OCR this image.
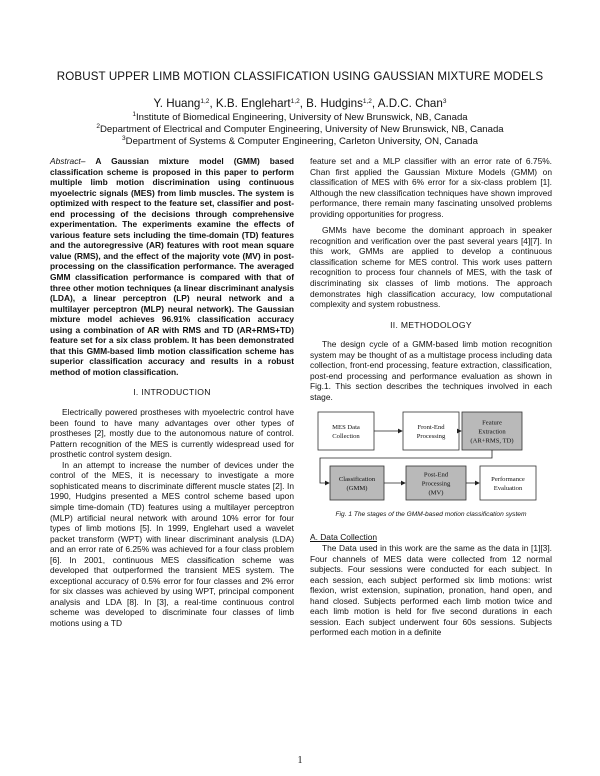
ROBUST UPPER LIMB MOTION CLASSIFICATION USING GAUSSIAN MIXTURE MODELS
Y. Huang$^{1,2}$, K.B. Englehart$^{1,2}$, B. Hudgins$^{1,2}$, A.D.C. Chan$^3$
$^1$Institute of Biomedical Engineering, University of New Brunswick, NB, Canada
$^2$Department of Electrical and Computer Engineering, University of New Brunswick, NB, Canada
$^3$Department of Systems & Computer Engineering, Carleton University, ON, Canada

Abstract– A Gaussian mixture model (GMM) based classification scheme is proposed in this paper to perform multiple limb motion discrimination using continuous myoelectric signals (MES) from limb muscles. The system is optimized with respect to the feature set, classifier and post-end processing of the decisions through comprehensive experimentation. The experiments examine the effects of various feature sets including the time-domain (TD) features and the autoregressive (AR) features with root mean square value (RMS), and the effect of the majority vote (MV) in post-processing on the classification performance. The averaged GMM classification performance is compared with that of three other motion techniques (a linear discriminant analysis (LDA), a linear perceptron (LP) neural network and a multilayer perceptron (MLP) neural network). The Gaussian mixture model achieves 96.91% classification accuracy using a combination of AR with RMS and TD (AR+RMS+TD) feature set for a six class problem. It has been demonstrated that this GMM-based limb motion classification scheme has superior classification accuracy and results in a robust method of motion classification.

I. INTRODUCTION

Electrically powered prostheses with myoelectric control have been found to have many advantages over other types of prostheses [2], mostly due to the autonomous nature of control. Pattern recognition of the MES is currently widespread used for prosthetic control system design.

In an attempt to increase the number of devices under the control of the MES, it is necessary to investigate a more sophisticated means to discriminate different muscle states [2]. In 1990, Hudgins presented a MES control scheme based upon simple time-domain (TD) features using a multilayer perceptron (MLP) artificial neural network with around 10% error for four types of limb motions [5]. In 1999, Englehart used a wavelet packet transform (WPT) with linear discriminant analysis (LDA) and an error rate of 6.25% was achieved for a four class problem [6]. In 2001, continuous MES classification scheme was developed that outperformed the transient MES system. The exceptional accuracy of 0.5% error for four classes and 2% error for six classes was achieved by using WPT, principal component analysis and LDA [8]. In [3], a real-time continuous control scheme was developed to discriminate four classes of limb motions using a TD

feature set and a MLP classifier with an error rate of 6.75%. Chan first applied the Gaussian Mixture Models (GMM) on classification of MES with 6% error for a six-class problem [1]. Although the new classification techniques have shown improved performance, there remain many fascinating unsolved problems providing opportunities for progress.

GMMs have become the dominant approach in speaker recognition and verification over the past several years [4][7]. In this work, GMMs are applied to develop a continuous classification scheme for MES control. This work uses pattern recognition to process four channels of MES, with the task of discriminating six classes of limb motions. The approach demonstrates high classification accuracy, low computational complexity and system robustness.

II. METHODOLOGY

The design cycle of a GMM-based limb motion recognition system may be thought of as a multistage process including data collection, front-end processing, feature extraction, classification, post-end processing and performance evaluation as shown in Fig.1. This section describes the techniques involved in each stage.

MES Data
Collection
Front-End
Processing
Feature
Extraction
(AR+RMS, TD)
Classification
(GMM)
Post-End
Processing
(MV)
Performance
Evaluation
Fig. 1 The stages of the GMM-based motion classification system
A. Data Collection

The Data used in this work are the same as the data in [1][3]. Four channels of MES data were collected from 12 normal subjects. Four sessions were conducted for each subject. In each session, each subject performed six limb motions: wrist flexion, wrist extension, supination, pronation, hand open, and hand closed. Subjects performed each limb motion twice and each limb motion is held for five second durations in each session. Each subject underwent four 60s sessions. Subjects performed each motion in a definite

1
